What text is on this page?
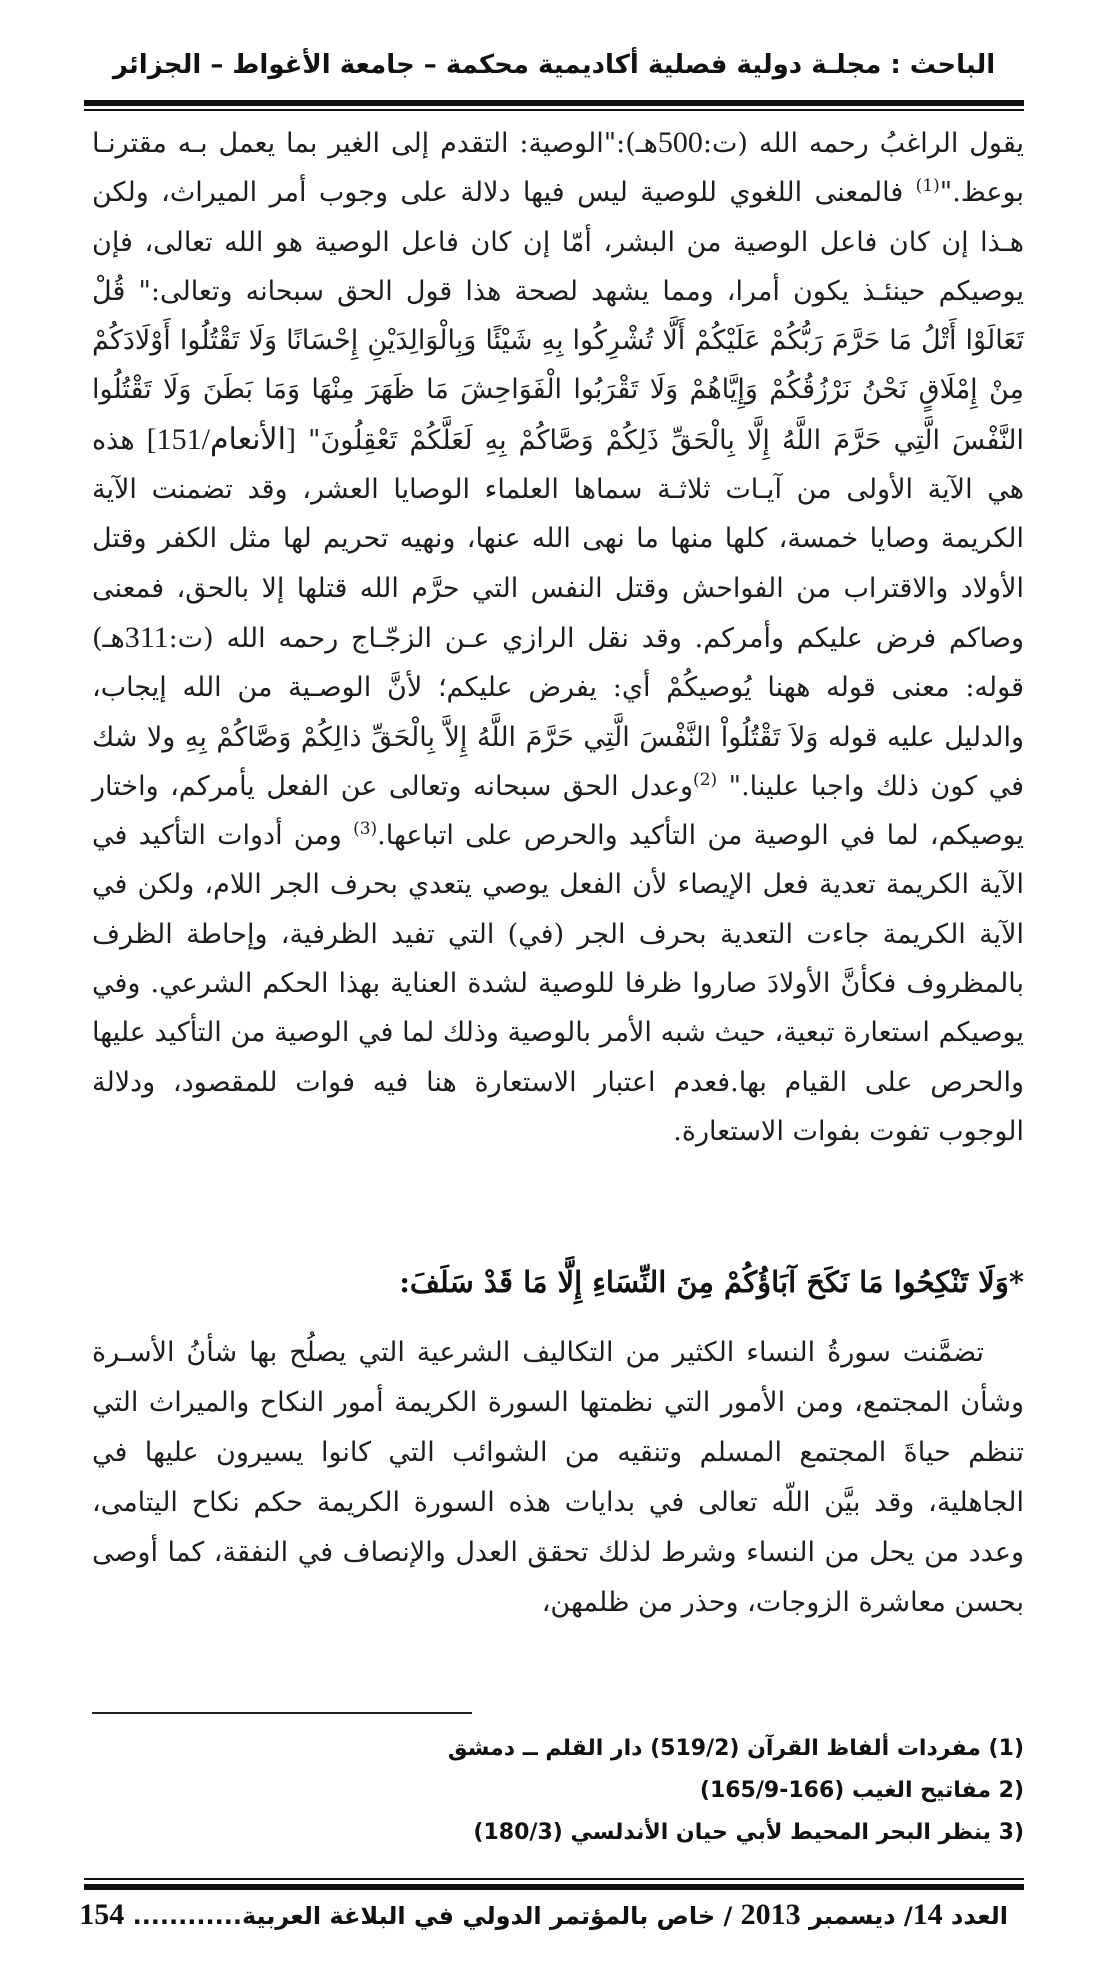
الباحث : مجلـة دولية فصلية أكاديمية محكمة – جامعة الأغواط – الجزائر

يقول الراغبُ رحمه الله (ت:500هـ):"الوصية: التقدم إلى الغير بما يعمل بـه مقترنـا بوعظ."$^{(1)}$ فالمعنى اللغوي للوصية ليس فيها دلالة على وجوب أمر الميراث، ولكن هـذا إن كان فاعل الوصية من البشر، أمّا إن كان فاعل الوصية هو الله تعالى، فإن يوصيكم حينئـذ يكون أمرا، ومما يشهد لصحة هذا قول الحق سبحانه وتعالى:" قُلْ تَعَالَوْا أَتْلُ مَا حَرَّمَ رَبُّكُمْ عَلَيْكُمْ أَلَّا تُشْرِكُوا بِهِ شَيْئًا وَبِالْوَالِدَيْنِ إِحْسَانًا وَلَا تَقْتُلُوا أَوْلَادَكُمْ مِنْ إِمْلَاقٍ نَحْنُ نَرْزُقُكُمْ وَإِيَّاهُمْ وَلَا تَقْرَبُوا الْفَوَاحِشَ مَا ظَهَرَ مِنْهَا وَمَا بَطَنَ وَلَا تَقْتُلُوا النَّفْسَ الَّتِي حَرَّمَ اللَّهُ إِلَّا بِالْحَقِّ ذَلِكُمْ وَصَّاكُمْ بِهِ لَعَلَّكُمْ تَعْقِلُونَ" [الأنعام/151] هذه هي الآية الأولى من آيـات ثلاثـة سماها العلماء الوصايا العشر، وقد تضمنت الآية الكريمة وصايا خمسة، كلها منها ما نهى الله عنها، ونهيه تحريم لها مثل الكفر وقتل الأولاد والاقتراب من الفواحش وقتل النفس التي حرَّم الله قتلها إلا بالحق، فمعنى وصاكم فرض عليكم وأمركم. وقد نقل الرازي عـن الزجّـاج رحمه الله (ت:311هـ) قوله: معنى قوله ههنا يُوصيكُمْ أي: يفرض عليكم؛ لأنَّ الوصـية من الله إيجاب، والدليل عليه قوله وَلاَ تَقْتُلُواْ النَّفْسَ الَّتِي حَرَّمَ اللَّهُ إِلاَّ بِالْحَقِّ ذالِكُمْ وَصَّاكُمْ بِهِ ولا شك في كون ذلك واجبا علينا." $^{(2)}$وعدل الحق سبحانه وتعالى عن الفعل يأمركم، واختار يوصيكم، لما في الوصية من التأكيد والحرص على اتباعها.$^{(3)}$ ومن أدوات التأكيد في الآية الكريمة تعدية فعل الإيصاء لأن الفعل يوصي يتعدي بحرف الجر اللام، ولكن في الآية الكريمة جاءت التعدية بحرف الجر (في) التي تفيد الظرفية، وإحاطة الظرف بالمظروف فكأنَّ الأولادَ صاروا ظرفا للوصية لشدة العناية بهذا الحكم الشرعي. وفي يوصيكم استعارة تبعية، حيث شبه الأمر بالوصية وذلك لما في الوصية من التأكيد عليها والحرص على القيام بها.فعدم اعتبار الاستعارة هنا فيه فوات للمقصود، ودلالة الوجوب تفوت بفوات الاستعارة.

*وَلَا تَنْكِحُوا مَا نَكَحَ آبَاؤُكُمْ مِنَ النِّسَاءِ إِلَّا مَا قَدْ سَلَفَ:

تضمَّنت سورةُ النساء الكثير من التكاليف الشرعية التي يصلُح بها شأنُ الأسـرة وشأن المجتمع، ومن الأمور التي نظمتها السورة الكريمة أمور النكاح والميراث التي تنظم حياةَ المجتمع المسلم وتنقيه من الشوائب التي كانوا يسيرون عليها في الجاهلية، وقد بيَّن اللّه تعالى في بدايات هذه السورة الكريمة حكم نكاح اليتامى، وعدد من يحل من النساء وشرط لذلك تحقق العدل والإنصاف في النفقة، كما أوصى بحسن معاشرة الزوجات، وحذر من ظلمهن،

(1) مفردات ألفاظ القرآن (519/2) دار القلم ــ دمشق
(2 مفاتيح الغيب (166-165/9)
(3 ينظر البحر المحيط لأبي حيان الأندلسي (180/3)
العدد 14/ ديسمبر 2013 / خاص بالمؤتمر الدولي في البلاغة العربية............ 154
